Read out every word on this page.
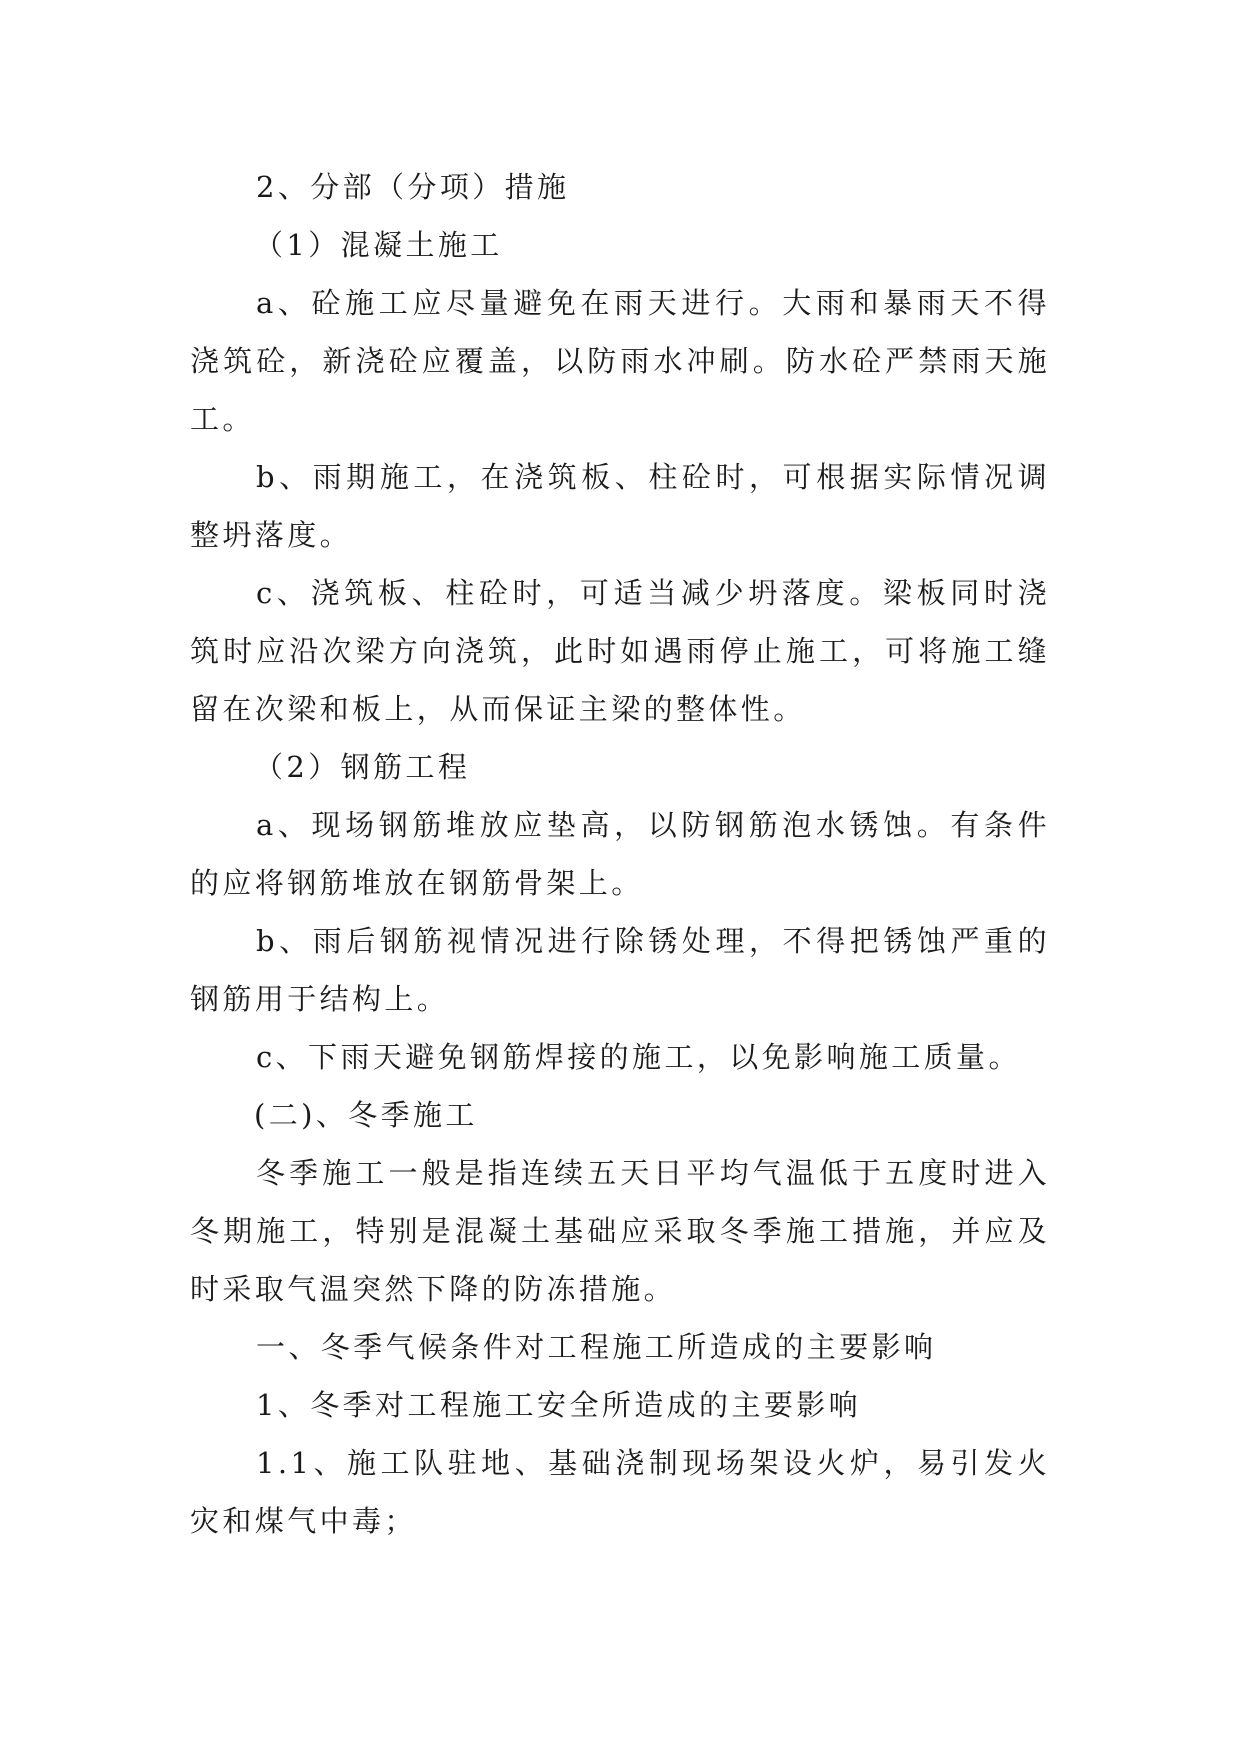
2、分部（分项）措施

（1）混凝土施工

a、砼施工应尽量避免在雨天进行。大雨和暴雨天不得浇筑砼，新浇砼应覆盖，以防雨水冲刷。防水砼严禁雨天施工。

b、雨期施工，在浇筑板、柱砼时，可根据实际情况调整坍落度。

c、浇筑板、柱砼时，可适当减少坍落度。梁板同时浇筑时应沿次梁方向浇筑，此时如遇雨停止施工，可将施工缝留在次梁和板上，从而保证主梁的整体性。

（2）钢筋工程

a、现场钢筋堆放应垫高，以防钢筋泡水锈蚀。有条件的应将钢筋堆放在钢筋骨架上。

b、雨后钢筋视情况进行除锈处理，不得把锈蚀严重的钢筋用于结构上。

c、下雨天避免钢筋焊接的施工，以免影响施工质量。

(二)、冬季施工

冬季施工一般是指连续五天日平均气温低于五度时进入冬期施工，特别是混凝土基础应采取冬季施工措施，并应及时采取气温突然下降的防冻措施。

一、冬季气候条件对工程施工所造成的主要影响

1、冬季对工程施工安全所造成的主要影响

1.1、施工队驻地、基础浇制现场架设火炉，易引发火灾和煤气中毒；
